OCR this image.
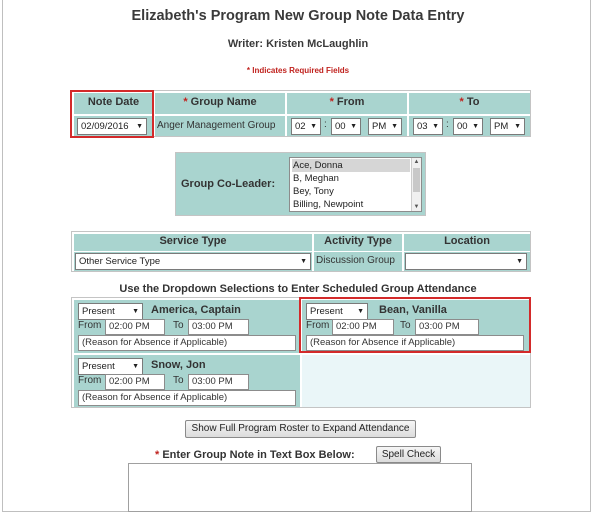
Elizabeth's Program New Group Note Data Entry
Writer: Kristen McLaughlin
* Indicates Required Fields
Note Date	* Group Name	* From	* To
02/09/2016 ▼ Anger Management Group	02 ▼ : 00 ▼	PM ▼	03 ▼ : 00 ▼	PM ▼
Group Co-Leader:
Ace, Donna
B, Meghan
Bey, Tony
Billing, Newpoint
▲
▼
Service Type	Activity Type	Location
Other Service Type	▼ Discussion Group	▼
Use the Dropdown Selections to Enter Scheduled Group Attendance
Present ▼ America, Captain
From 02:00 PM	To 03:00 PM
(Reason for Absence if Applicable)
Present ▼ Bean, Vanilla
From 02:00 PM	To 03:00 PM
(Reason for Absence if Applicable)
Present ▼ Snow, Jon
From 02:00 PM	To 03:00 PM
(Reason for Absence if Applicable)
Show Full Program Roster to Expand Attendance
* Enter Group Note in Text Box Below:	Spell Check
